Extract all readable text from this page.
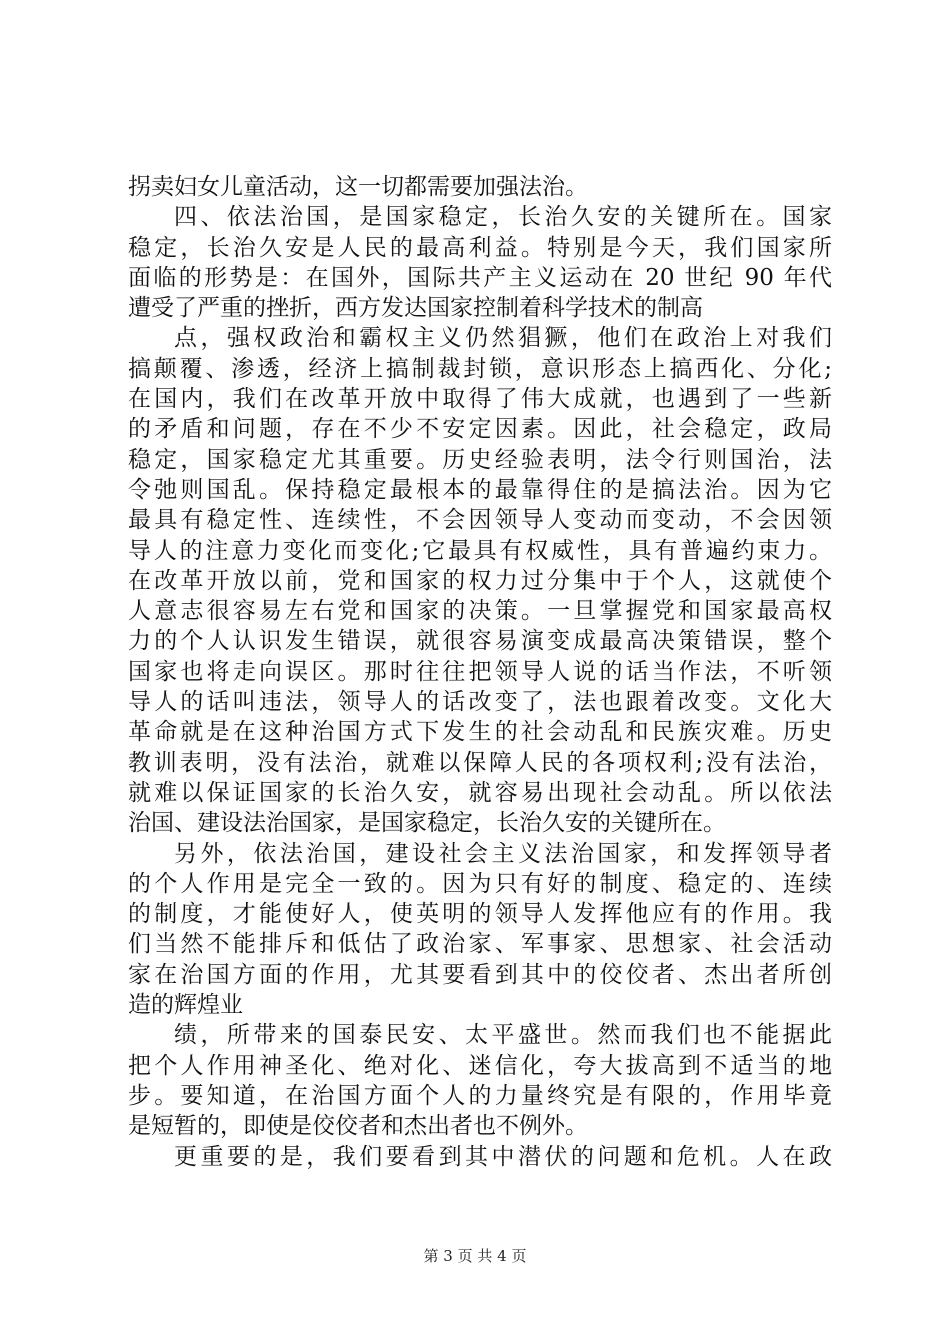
拐卖妇女儿童活动，这一切都需要加强法治。
四、依法治国，是国家稳定，长治久安的关键所在。国家
稳定，长治久安是人民的最高利益。特别是今天，我们国家所
面临的形势是：在国外，国际共产主义运动在 20 世纪 90 年代
遭受了严重的挫折，西方发达国家控制着科学技术的制高
点，强权政治和霸权主义仍然猖獗，他们在政治上对我们
搞颠覆、渗透，经济上搞制裁封锁，意识形态上搞西化、分化;
在国内，我们在改革开放中取得了伟大成就，也遇到了一些新
的矛盾和问题，存在不少不安定因素。因此，社会稳定，政局
稳定，国家稳定尤其重要。历史经验表明，法令行则国治，法
令弛则国乱。保持稳定最根本的最靠得住的是搞法治。因为它
最具有稳定性、连续性，不会因领导人变动而变动，不会因领
导人的注意力变化而变化;它最具有权威性，具有普遍约束力。
在改革开放以前，党和国家的权力过分集中于个人，这就使个
人意志很容易左右党和国家的决策。一旦掌握党和国家最高权
力的个人认识发生错误，就很容易演变成最高决策错误，整个
国家也将走向误区。那时往往把领导人说的话当作法，不听领
导人的话叫违法，领导人的话改变了，法也跟着改变。文化大
革命就是在这种治国方式下发生的社会动乱和民族灾难。历史
教训表明，没有法治，就难以保障人民的各项权利;没有法治，
就难以保证国家的长治久安，就容易出现社会动乱。所以依法
治国、建设法治国家，是国家稳定，长治久安的关键所在。
另外，依法治国，建设社会主义法治国家，和发挥领导者
的个人作用是完全一致的。因为只有好的制度、稳定的、连续
的制度，才能使好人，使英明的领导人发挥他应有的作用。我
们当然不能排斥和低估了政治家、军事家、思想家、社会活动
家在治国方面的作用，尤其要看到其中的佼佼者、杰出者所创
造的辉煌业
绩，所带来的国泰民安、太平盛世。然而我们也不能据此
把个人作用神圣化、绝对化、迷信化，夸大拔高到不适当的地
步。要知道，在治国方面个人的力量终究是有限的，作用毕竟
是短暂的，即使是佼佼者和杰出者也不例外。
更重要的是，我们要看到其中潜伏的问题和危机。人在政
第 3 页 共 4 页
